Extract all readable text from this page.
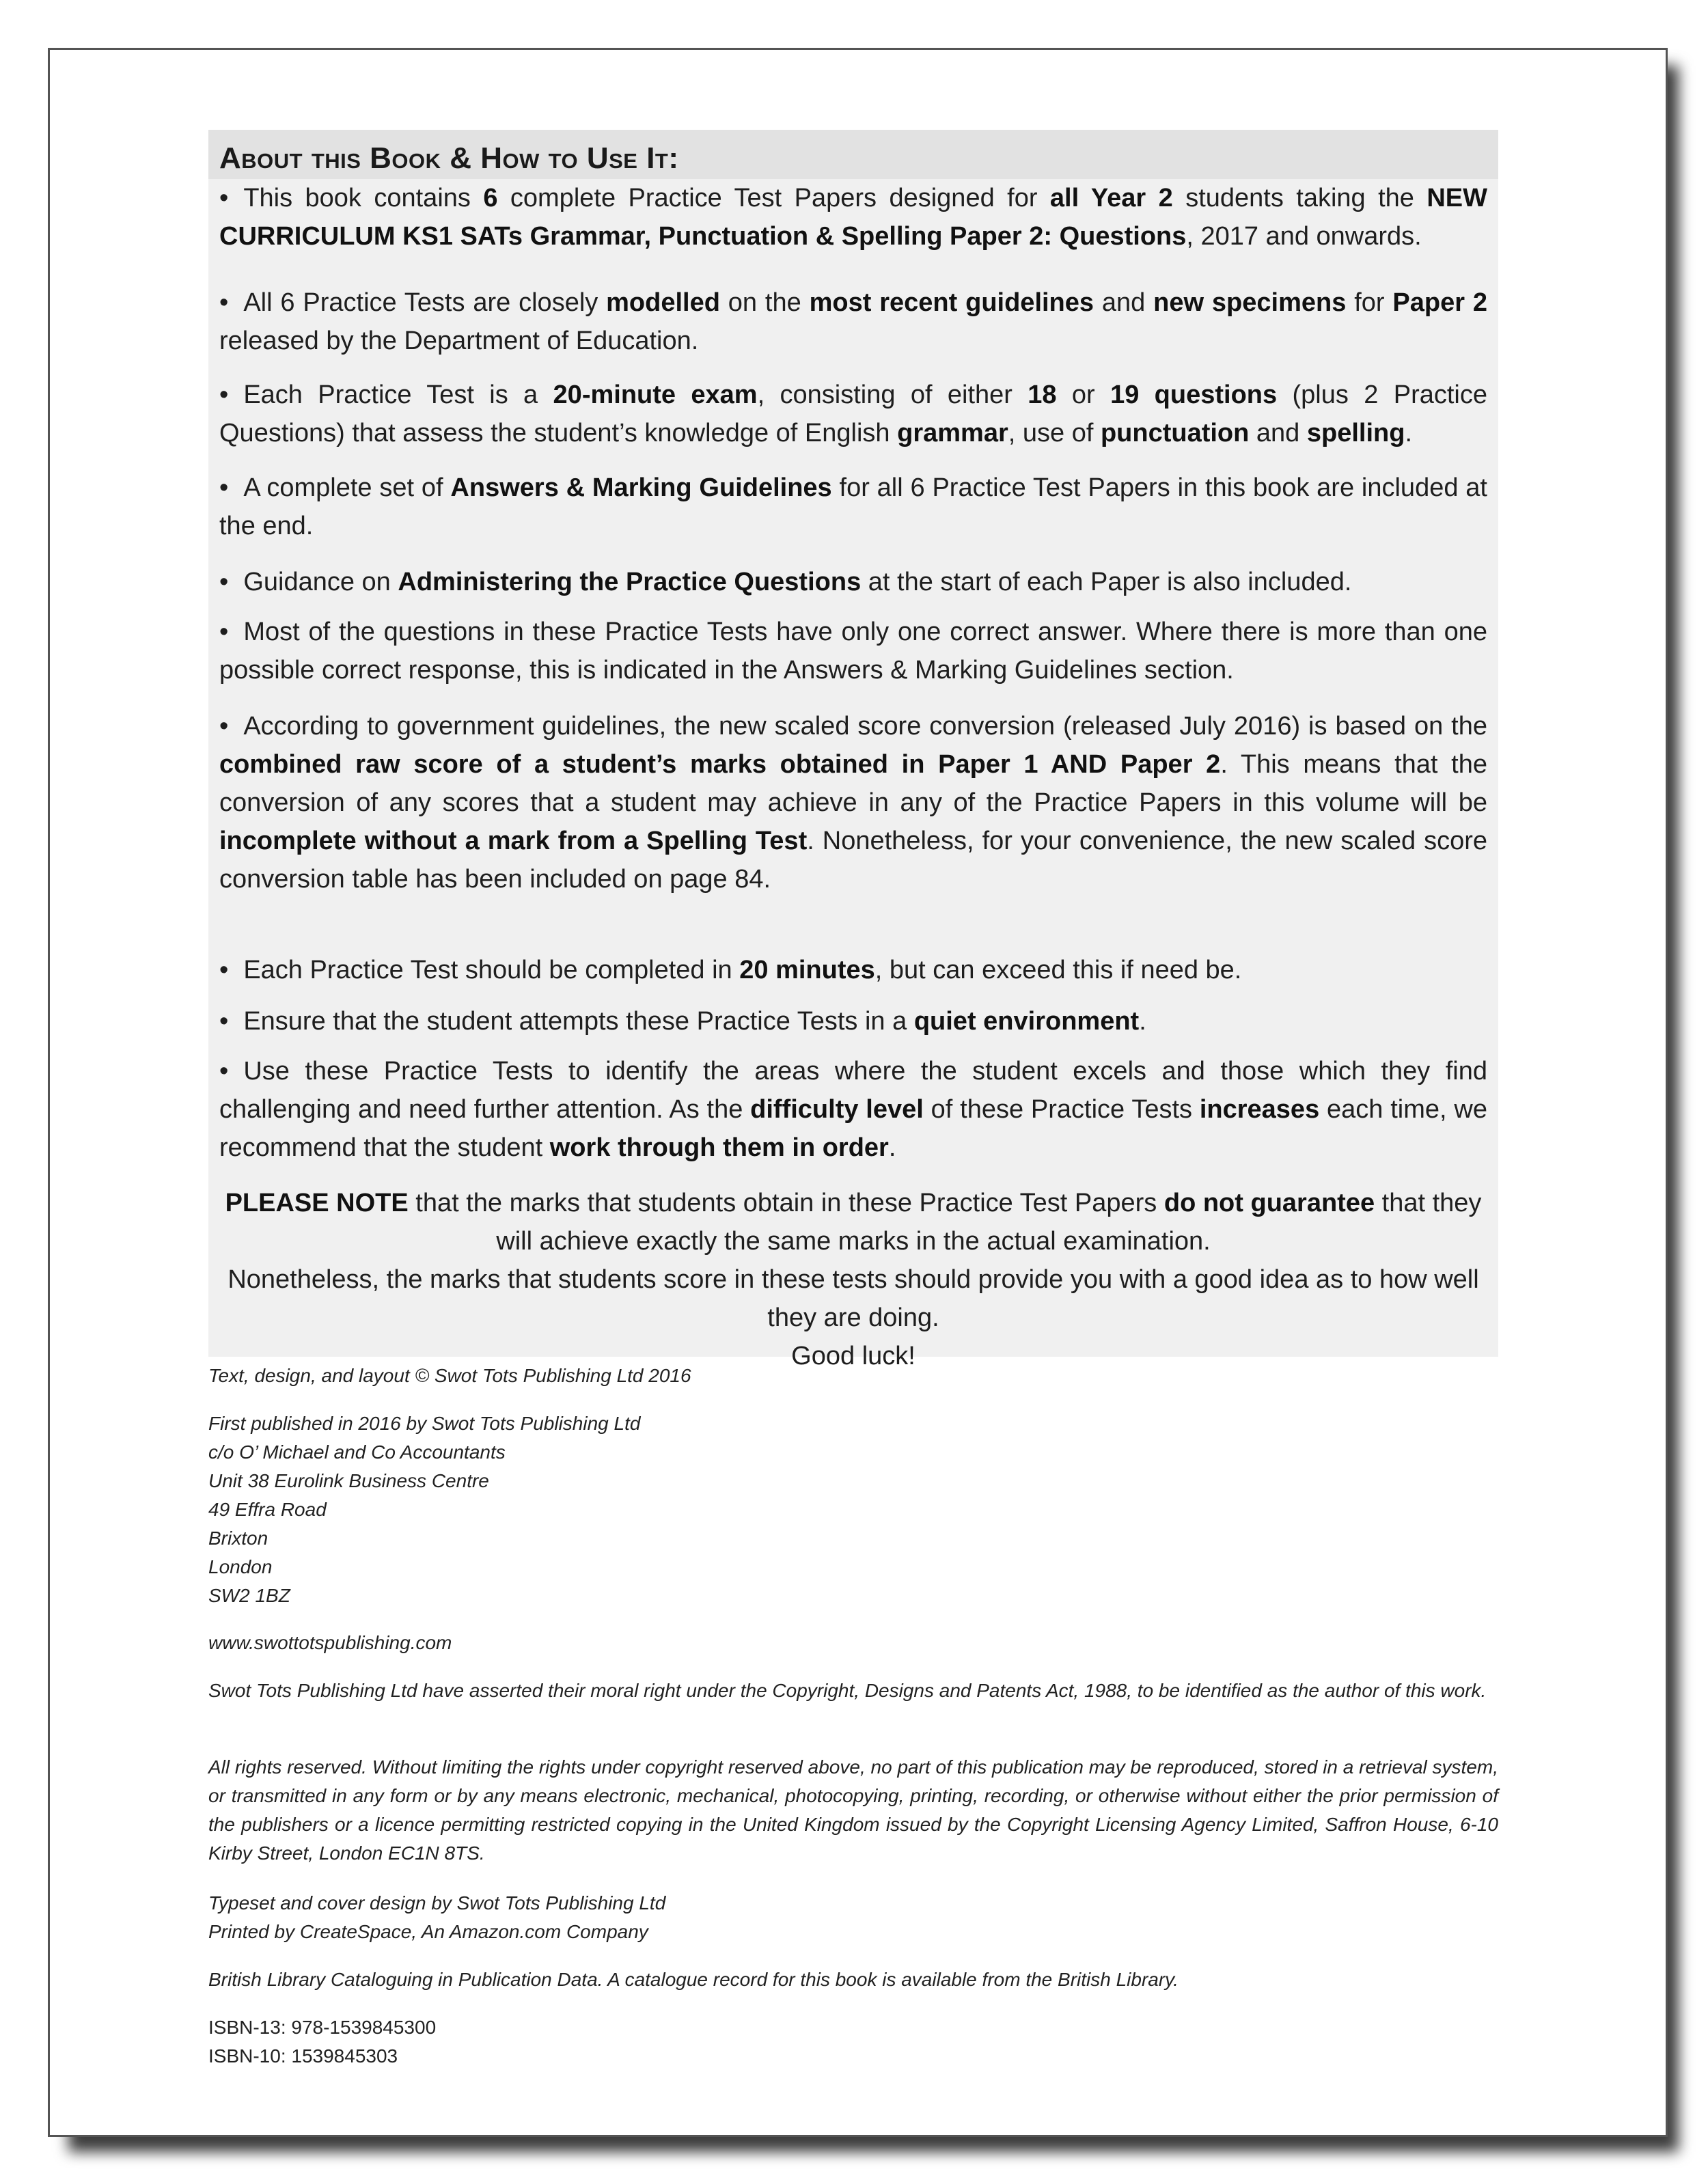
About this Book & How to Use It:

• This book contains 6 complete Practice Test Papers designed for all Year 2 students taking the NEW CURRICULUM KS1 SATs Grammar, Punctuation & Spelling Paper 2: Questions, 2017 and onwards.

• All 6 Practice Tests are closely modelled on the most recent guidelines and new specimens for Paper 2 released by the Department of Education.

• Each Practice Test is a 20-minute exam, consisting of either 18 or 19 questions (plus 2 Practice Questions) that assess the student’s knowledge of English grammar, use of punctuation and spelling.

• A complete set of Answers & Marking Guidelines for all 6 Practice Test Papers in this book are included at the end.

• Guidance on Administering the Practice Questions at the start of each Paper is also included.

• Most of the questions in these Practice Tests have only one correct answer. Where there is more than one possible correct response, this is indicated in the Answers & Marking Guidelines section.

• According to government guidelines, the new scaled score conversion (released July 2016) is based on the combined raw score of a student’s marks obtained in Paper 1 AND Paper 2. This means that the conversion of any scores that a student may achieve in any of the Practice Papers in this volume will be incomplete without a mark from a Spelling Test. Nonetheless, for your convenience, the new scaled score conversion table has been included on page 84.

• Each Practice Test should be completed in 20 minutes, but can exceed this if need be.

• Ensure that the student attempts these Practice Tests in a quiet environment.

• Use these Practice Tests to identify the areas where the student excels and those which they find challenging and need further attention. As the difficulty level of these Practice Tests increases each time, we recommend that the student work through them in order.

PLEASE NOTE that the marks that students obtain in these Practice Test Papers do not guarantee that they will achieve exactly the same marks in the actual examination.
Nonetheless, the marks that students score in these tests should provide you with a good idea as to how well they are doing.
Good luck!

Text, design, and layout © Swot Tots Publishing Ltd 2016

First published in 2016 by Swot Tots Publishing Ltd
c/o O’ Michael and Co Accountants
Unit 38 Eurolink Business Centre
49 Effra Road
Brixton
London
SW2 1BZ

www.swottotspublishing.com

Swot Tots Publishing Ltd have asserted their moral right under the Copyright, Designs and Patents Act, 1988, to be identified as the author of this work.

All rights reserved. Without limiting the rights under copyright reserved above, no part of this publication may be reproduced, stored in a retrieval system, or transmitted in any form or by any means electronic, mechanical, photocopying, printing, recording, or otherwise without either the prior permission of the publishers or a licence permitting restricted copying in the United Kingdom issued by the Copyright Licensing Agency Limited, Saffron House, 6-10 Kirby Street, London EC1N 8TS.

Typeset and cover design by Swot Tots Publishing Ltd
Printed by CreateSpace, An Amazon.com Company

British Library Cataloguing in Publication Data. A catalogue record for this book is available from the British Library.

ISBN-13: 978-1539845300
ISBN-10: 1539845303
